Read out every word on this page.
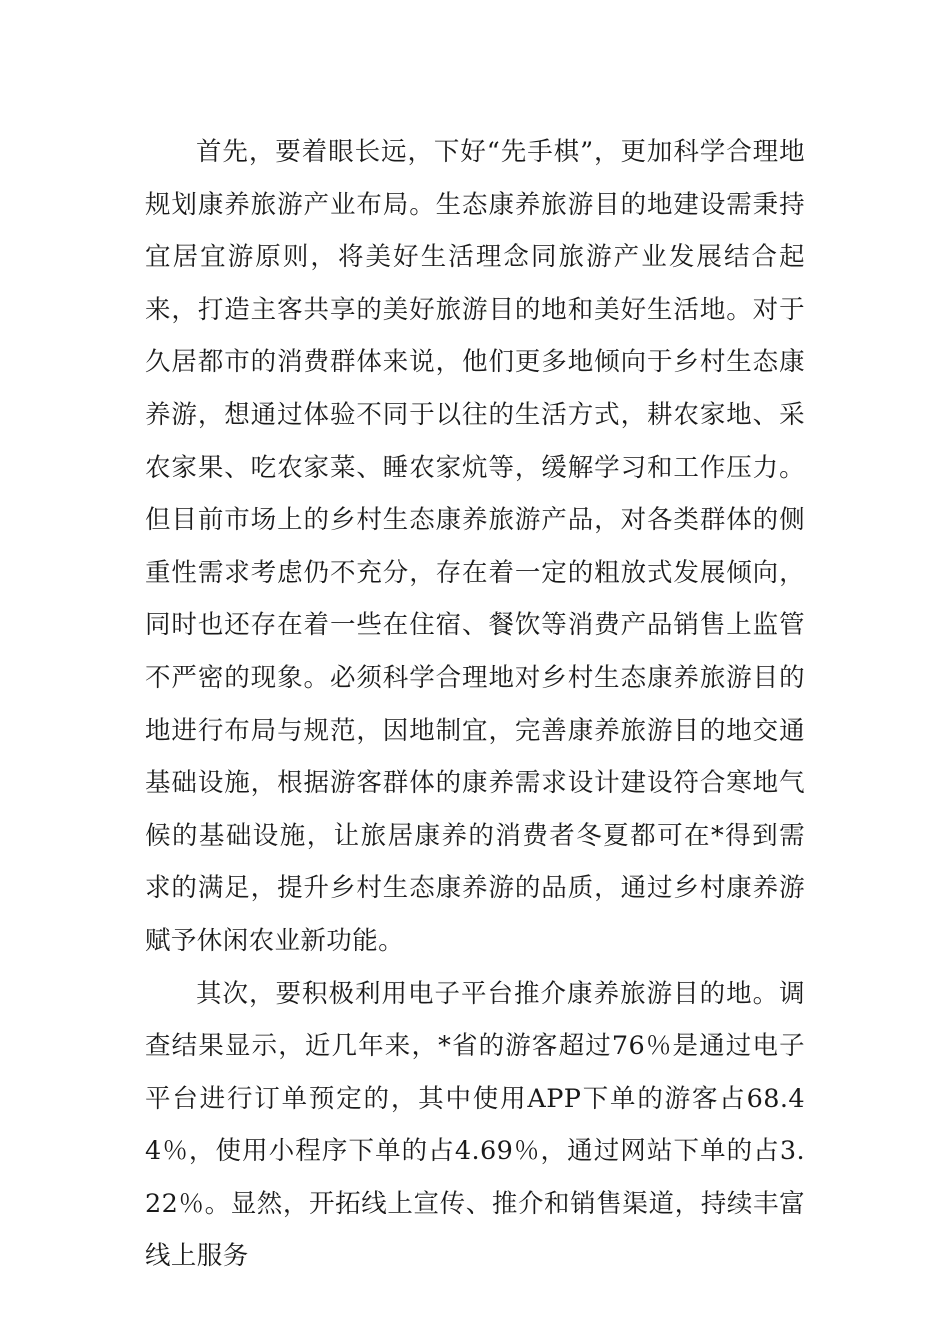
首先，要着眼长远，下好“先手棋”，更加科学合理地规划康养旅游产业布局。生态康养旅游目的地建设需秉持宜居宜游原则，将美好生活理念同旅游产业发展结合起来，打造主客共享的美好旅游目的地和美好生活地。对于久居都市的消费群体来说，他们更多地倾向于乡村生态康养游，想通过体验不同于以往的生活方式，耕农家地、采农家果、吃农家菜、睡农家炕等，缓解学习和工作压力。但目前市场上的乡村生态康养旅游产品，对各类群体的侧重性需求考虑仍不充分，存在着一定的粗放式发展倾向，同时也还存在着一些在住宿、餐饮等消费产品销售上监管不严密的现象。必须科学合理地对乡村生态康养旅游目的地进行布局与规范，因地制宜，完善康养旅游目的地交通基础设施，根据游客群体的康养需求设计建设符合寒地气候的基础设施，让旅居康养的消费者冬夏都可在*得到需求的满足，提升乡村生态康养游的品质，通过乡村康养游赋予休闲农业新功能。

其次，要积极利用电子平台推介康养旅游目的地。调查结果显示，近几年来，*省的游客超过76％是通过电子平台进行订单预定的，其中使用APP下单的游客占68.44％，使用小程序下单的占4.69％，通过网站下单的占3.22％。显然，开拓线上宣传、推介和销售渠道，持续丰富线上服务
